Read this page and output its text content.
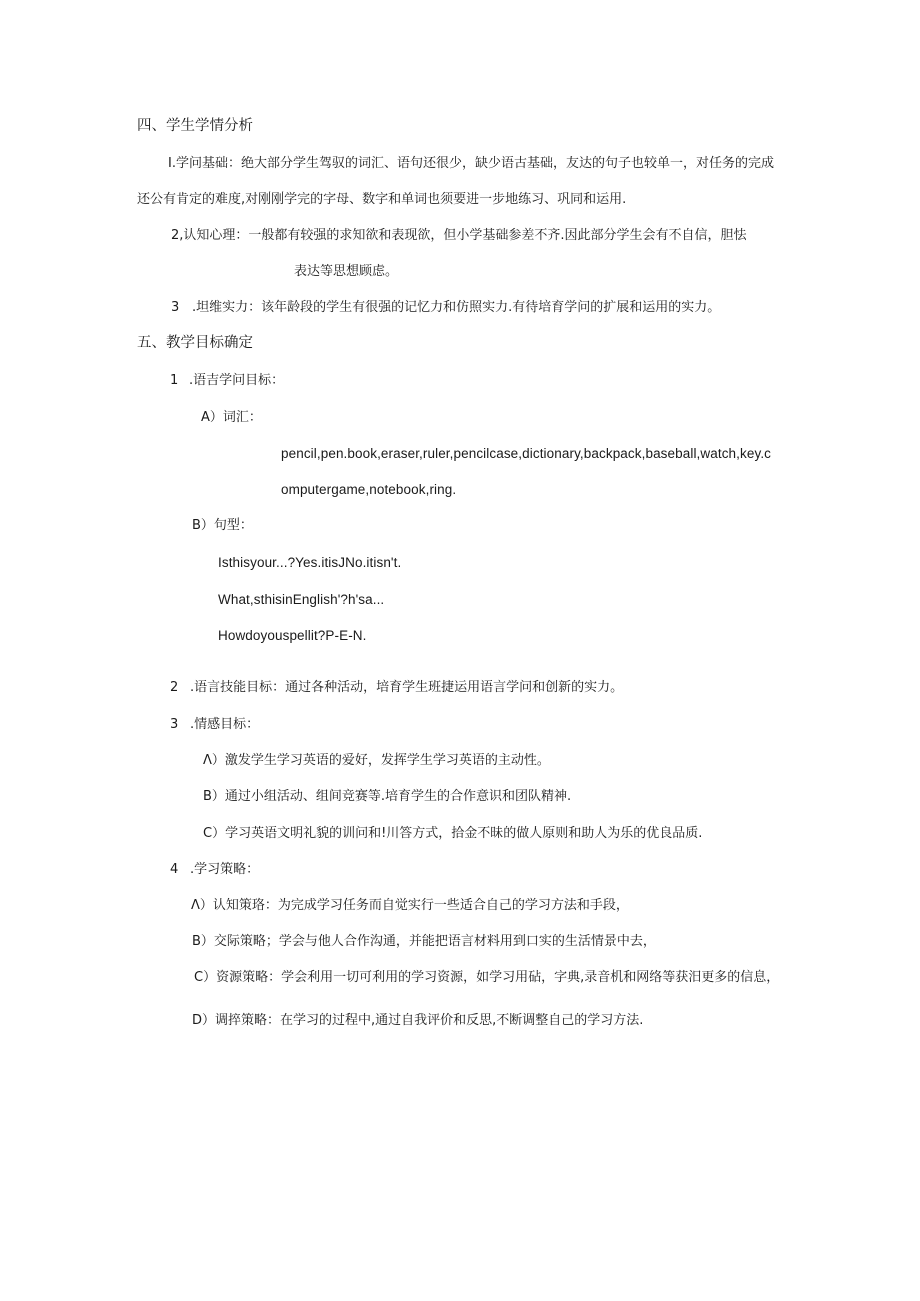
四、学生学情分析
I.学问基础：绝大部分学生驾驭的词汇、语句还很少，缺少语古基础，友达的句子也较单一，对任务的完成
还公有肯定的难度,对刚刚学完的字母、数字和单词也须要进一步地练习、巩同和运用.
2,认知心理：一般都有较强的求知欲和表现欲，但小学基础参差不齐.因此部分学生会有不自信，胆怯
表达等思想顾虑。
3 .坦维实力：该年龄段的学生有很强的记忆力和仿照实力.有待培育学问的扩展和运用的实力。
五、教学目标确定
1 .语吉学问目标：
A）词汇：
pencil,pen.book,eraser,ruler,pencilcase,dictionary,backpack,baseball,watch,key.c
omputergame,notebook,ring.
B）句型：
Isthisyour...?Yes.itisJNo.itisn't.
What,sthisinEnglish'?h'sa...
Howdoyouspellit?P-E-N.
2 .语言技能目标：通过各种活动，培育学生班捷运用语言学问和创新的实力。
3 .情感目标：
Λ）激发学生学习英语的爱好，发挥学生学习英语的主动性。
B）通过小组活动、组间竞赛等.培育学生的合作意识和团队精神.
C）学习英语文明礼貌的训问和!川答方式，拾金不昧的做人原则和助人为乐的优良品质.
4 .学习策略：
Λ）认知策珞：为完成学习任务而自觉实行一些适合自己的学习方法和手段，
B）交际策略；学会与他人合作沟通，并能把语言材料用到口实的生活情景中去，
C）资源策略：学会利用一切可利用的学习资源，如学习用砧，字典,录音机和网络等获汨更多的信息，
D）调捽策略：在学习的过程中,通过自我评价和反思,不断调整自己的学习方法.
